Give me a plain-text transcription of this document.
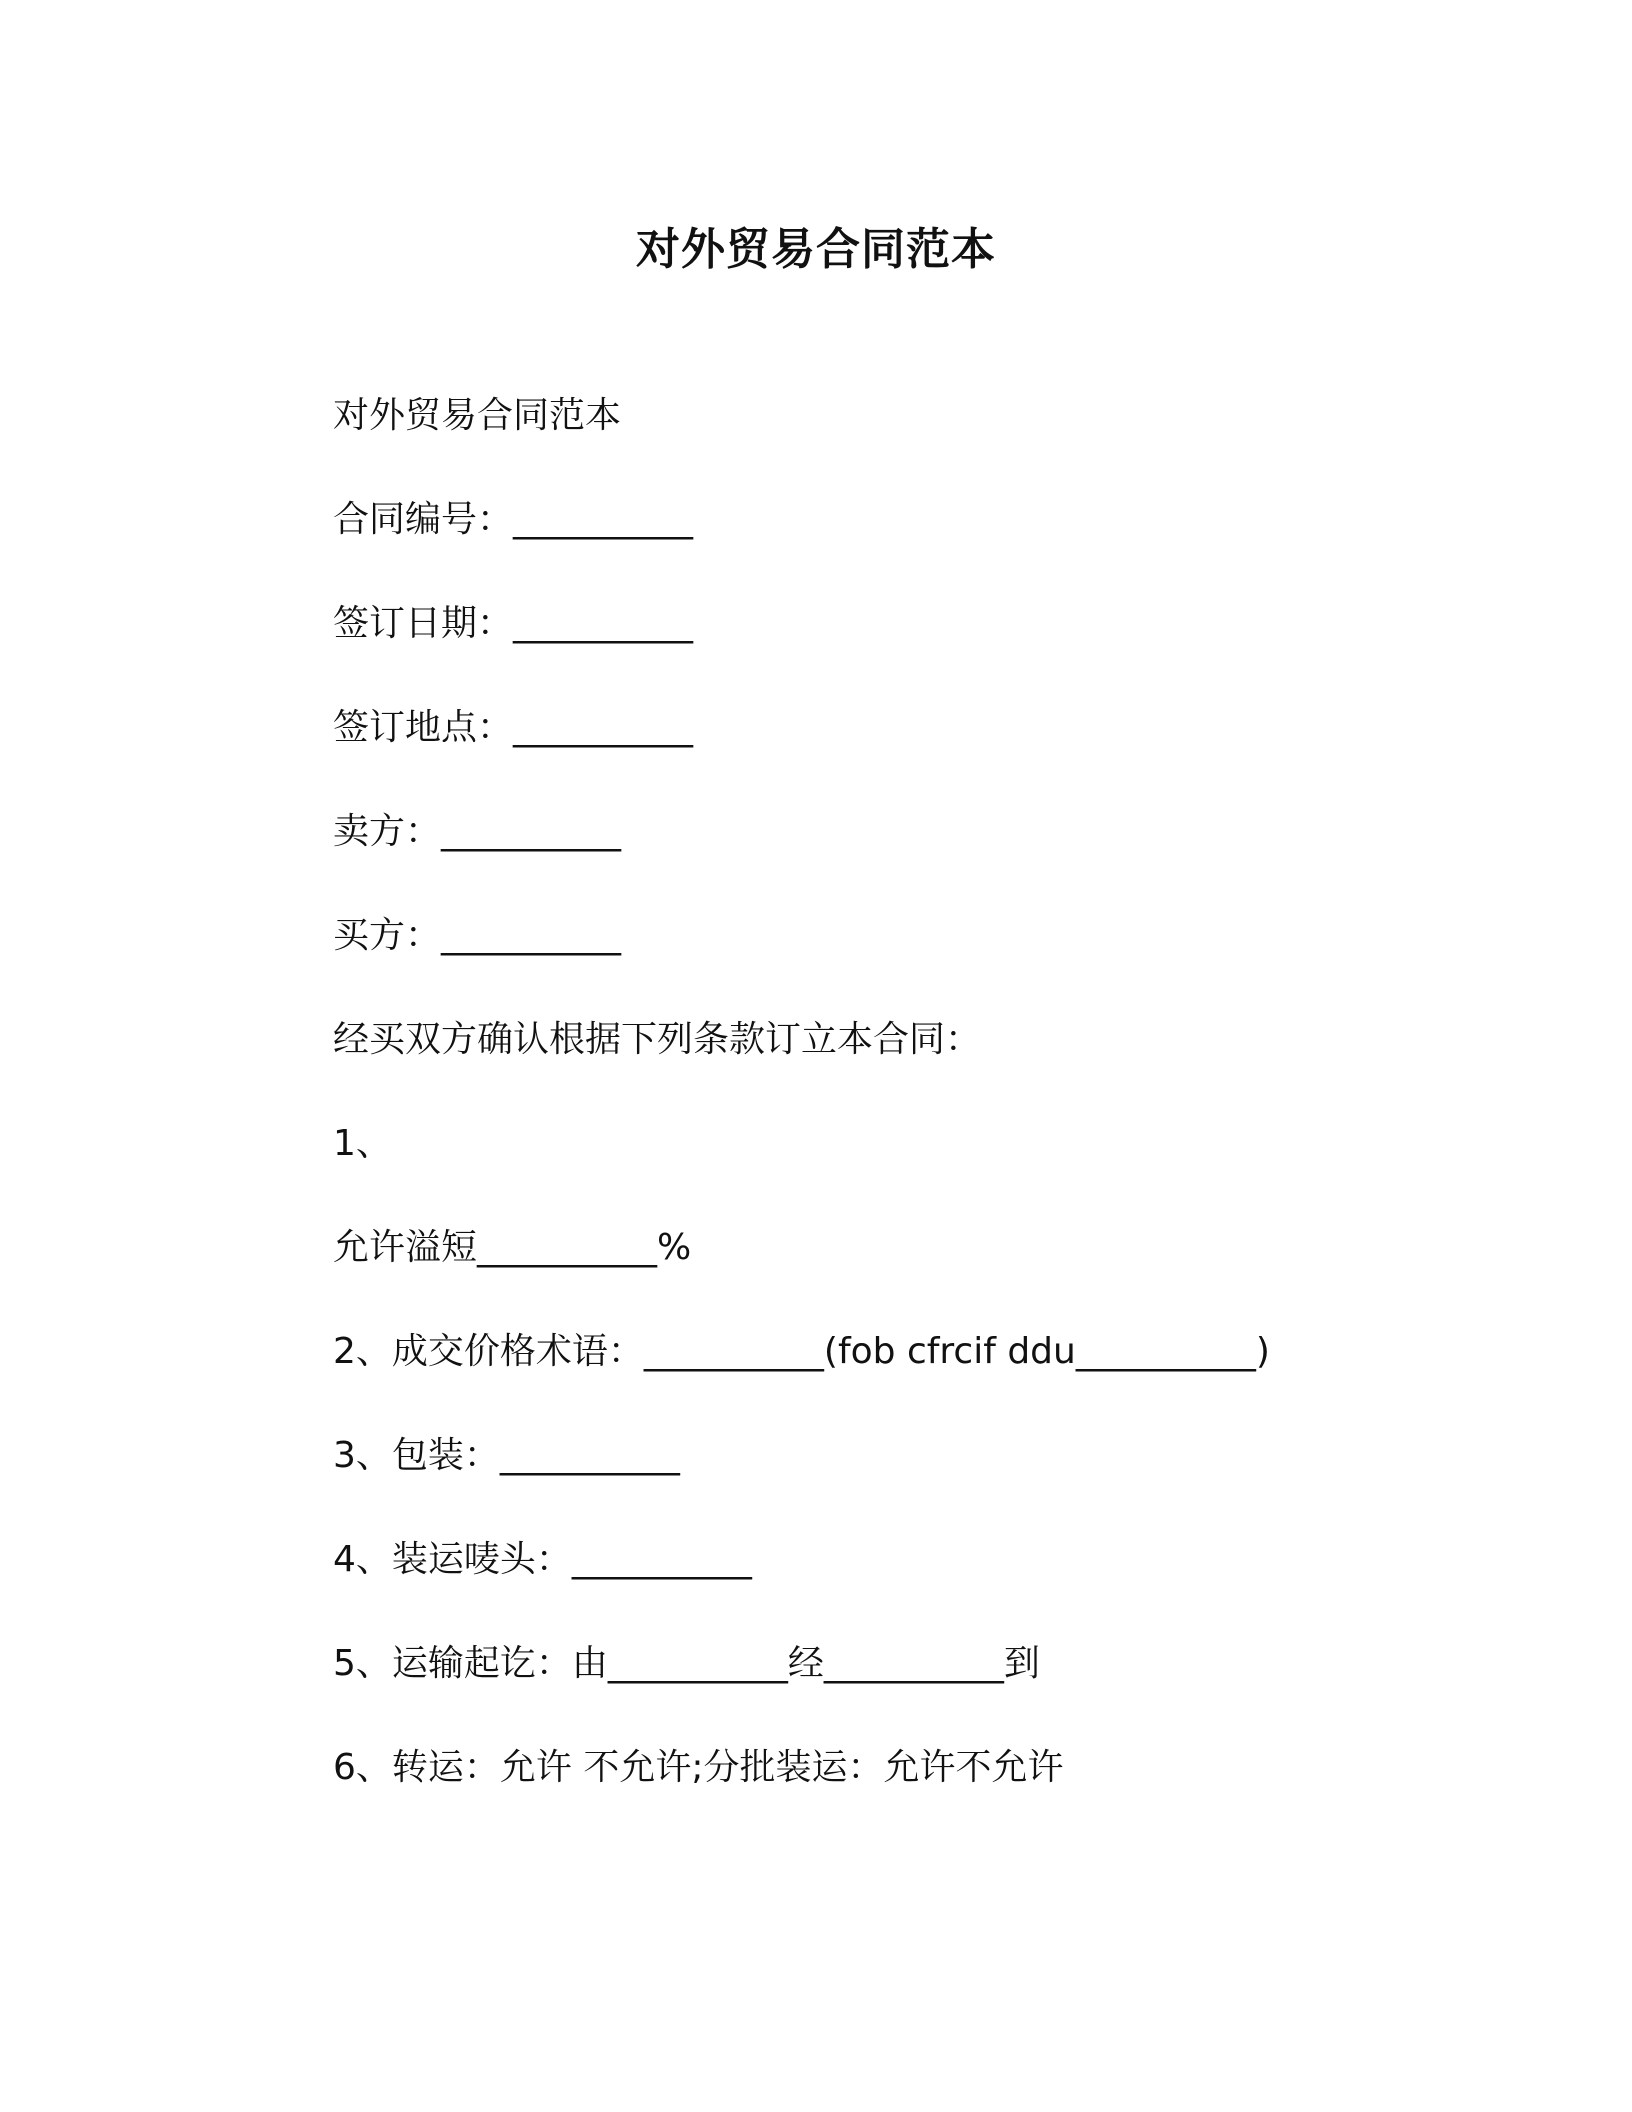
对外贸易合同范本
对外贸易合同范本
合同编号：__________
签订日期：__________
签订地点：__________
卖方：__________
买方：__________
经买双方确认根据下列条款订立本合同：
1、
允许溢短__________%
2、成交价格术语：__________(fob cfrcif ddu__________)
3、包装：__________
4、装运唛头：__________
5、运输起讫：由__________经__________到
6、转运：允许 不允许;分批装运：允许不允许
